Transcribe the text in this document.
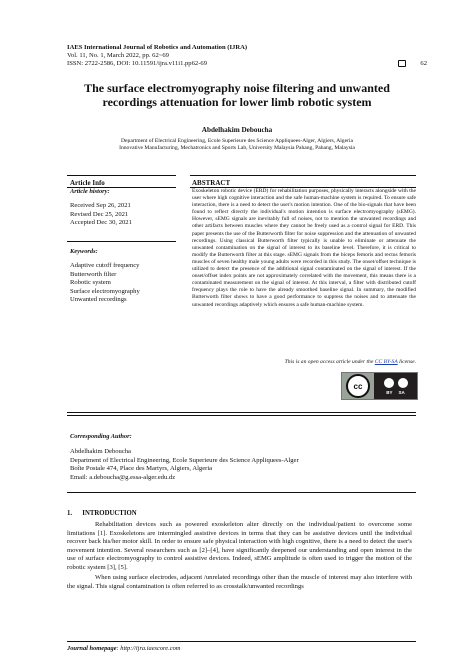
IAES International Journal of Robotics and Automation (IJRA)
Vol. 11, No. 1, March 2022, pp. 62~69
ISSN: 2722-2586, DOI: 10.11591/ijra.v11i1.pp62-69	62
The surface electromyography noise filtering and unwanted recordings attenuation for lower limb robotic system
Abdelhakim Deboucha
Department of Electrical Engineering, Ecole Superieure des Science Appliquees-Alger, Algiers, Algeria
Innovative Manufacturing, Mechatronics and Sports Lab, University Malaysia Pahang, Pahang, Malaysia
Article Info	ABSTRACT
Article history:
Received Sep 26, 2021
Revised Dec 25, 2021
Accepted Dec 30, 2021
Keywords:
Adaptive cutoff frequency
Butterworth filter
Robotic system
Surface electromyography
Unwanted recordings
Exoskeleton robotic device (ERD) for rehabilitation purposes, physically interacts alongside with the user where high cognitive interaction and the safe human-machine system is required. To ensure safe interaction, there is a need to detect the user's motion intention. One of the bio-signals that have been found to reflect directly the individual's motion intention is surface electromyography (sEMG). However, sEMG signals are inevitably full of noises, not to mention the unwanted recordings and other artifacts between muscles where they cannot be freely used as a control signal for ERD. This paper presents the use of the Butterworth filter for noise suppression and the attenuation of unwanted recordings. Using classical Butterworth filter typically is unable to eliminate or attenuate the unwanted contamination on the signal of interest to its baseline level. Therefore, it is critical to modify the Butterworth filter at this stage. sEMG signals from the biceps femoris and rectus femoris muscles of seven healthy male young adults were recorded in this study. The onset/offset technique is utilized to detect the presence of the additional signal contaminated on the signal of interest. If the onset/offset index points are not approximately correlated with the movement, this means there is a contaminated measurement on the signal of interest. At this interval, a filter with distributed cutoff frequency plays the role to have the already smoothed baseline signal. In summary, the modified Butterworth filter shows to have a good performance to suppress the noises and to attenuate the unwanted recordings adaptively which ensures a safe human-machine system.
This is an open access article under the CC BY-SA license.
cc
BY SA
Corresponding Author:
Abdelhakim Deboucha
Department of Electrical Engineering, Ecole Superieure des Science Appliquees-Alger
Boîte Postale 474, Place des Martyrs, Algiers, Algeria
Email: a.deboucha@g.essa-alger.edu.dz
1.      INTRODUCTION

Rehabilitation devices such as powered exoskeleton alter directly on the individual/patient to overcome some limitations [1]. Exoskeletons are intermingled assistive devices in terms that they can be assistive devices until the individual recover back his/her motor skill. In order to ensure safe physical interaction with high cognitive, there is a need to detect the user's movement intention. Several researchers such as [2]–[4], have significantly deepened our understanding and open interest in the use of surface electromyography to control assistive devices. Indeed, sEMG amplitude is often used to trigger the motion of the robotic system [3], [5].

When using surface electrodes, adjacent /unrelated recordings other than the muscle of interest may also interfere with the signal. This signal contamination is often referred to as crosstalk/unwanted recordings

Journal homepage: http://ijra.iaescore.com
